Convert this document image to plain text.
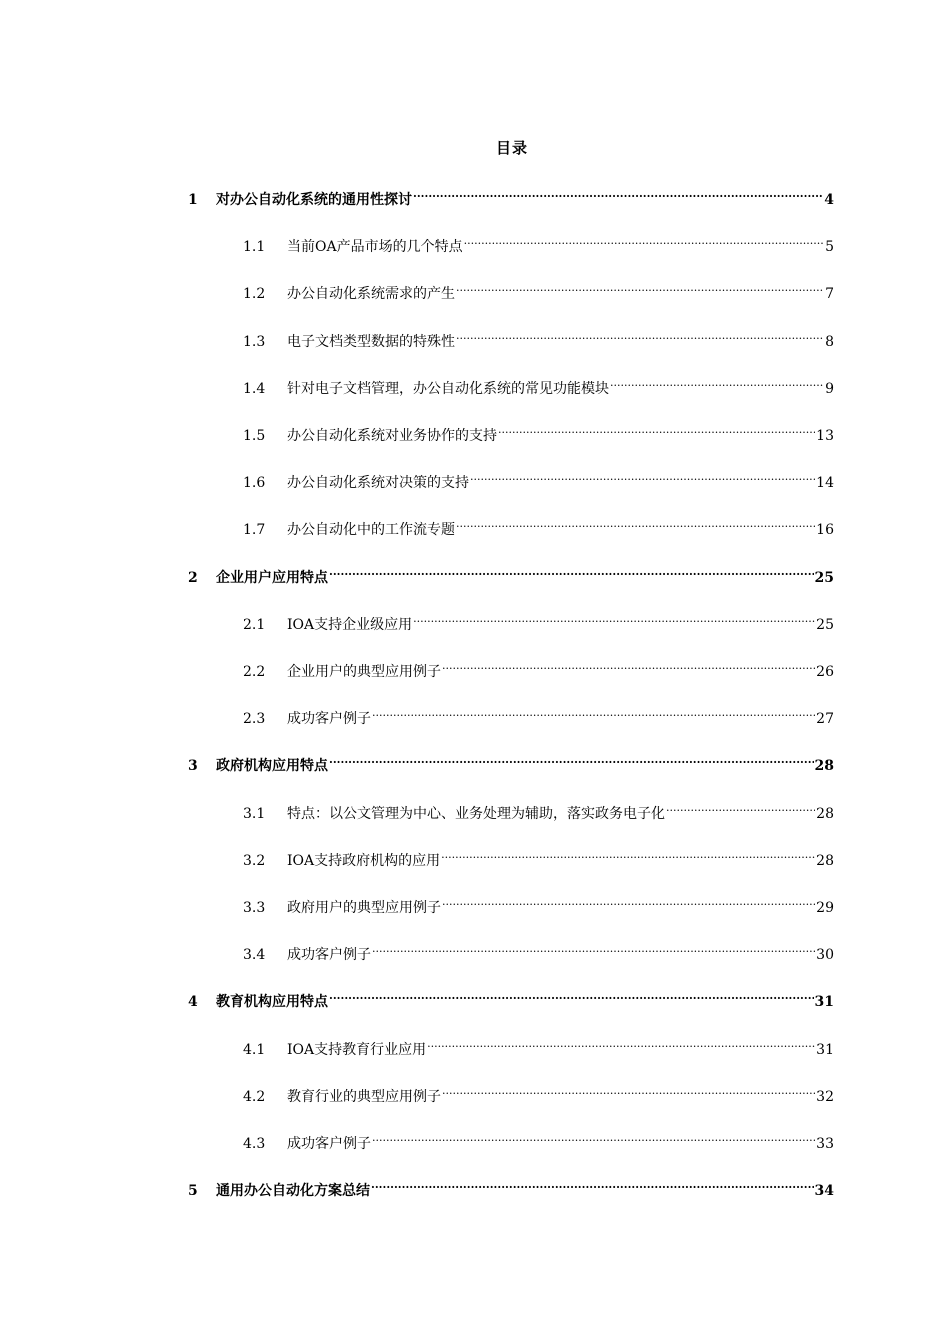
目录
1	对办公自动化系统的通用性探讨 .....	4
1.1	当前OA产品市场的几个特点 .....	5
1.2	办公自动化系统需求的产生 .....	7
1.3	电子文档类型数据的特殊性 .....	8
1.4	针对电子文档管理，办公自动化系统的常见功能模块 .....	9
1.5	办公自动化系统对业务协作的支持 .....	13
1.6	办公自动化系统对决策的支持 .....	14
1.7	办公自动化中的工作流专题 .....	16
2	企业用户应用特点 .....	25
2.1	IOA支持企业级应用 .....	25
2.2	企业用户的典型应用例子 .....	26
2.3	成功客户例子 .....	27
3	政府机构应用特点 .....	28
3.1	特点：以公文管理为中心、业务处理为辅助，落实政务电子化 .....	28
3.2	IOA支持政府机构的应用 .....	28
3.3	政府用户的典型应用例子 .....	29
3.4	成功客户例子 .....	30
4	教育机构应用特点 .....	31
4.1	IOA支持教育行业应用 .....	31
4.2	教育行业的典型应用例子 .....	32
4.3	成功客户例子 .....	33
5	通用办公自动化方案总结 .....	34
